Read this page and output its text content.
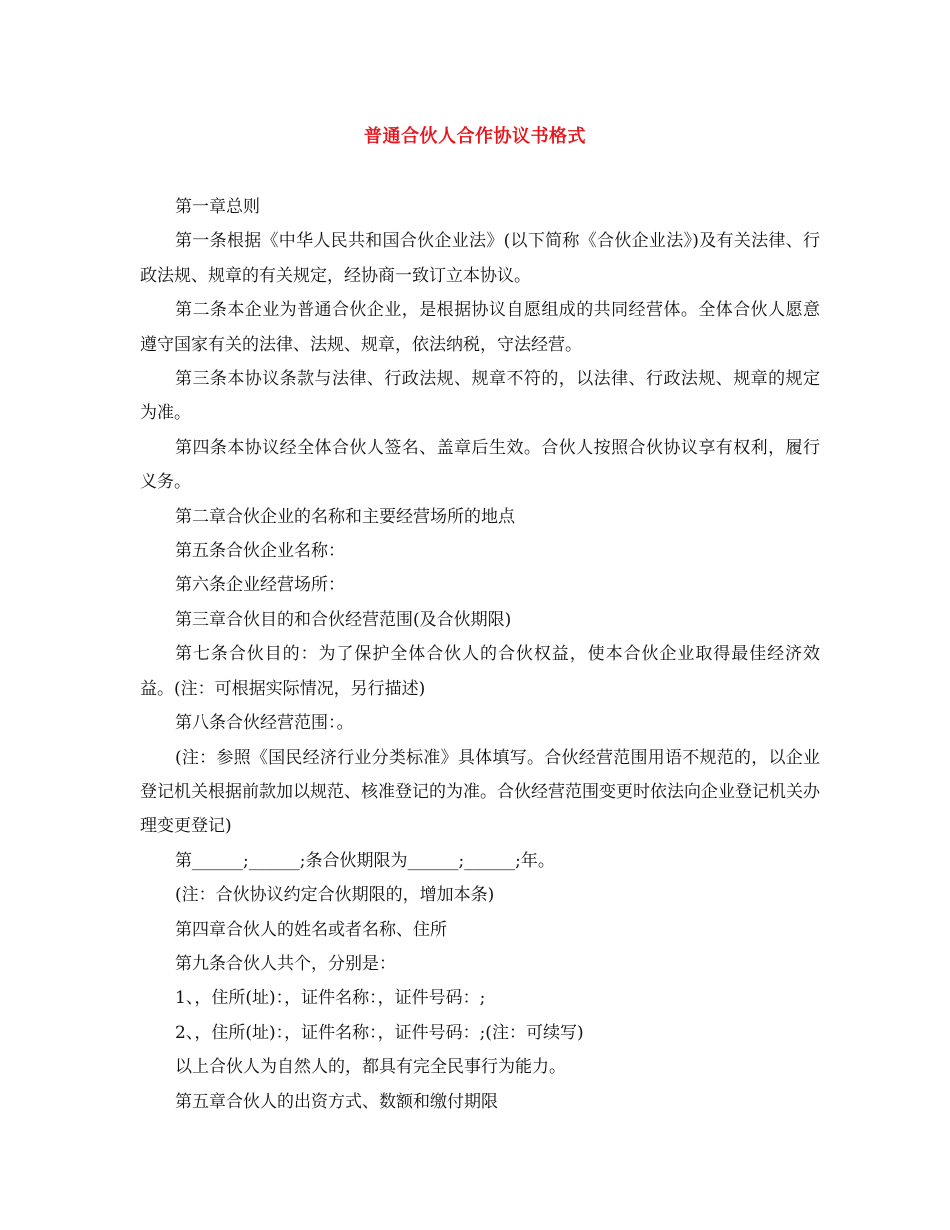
普通合伙人合作协议书格式

第一章总则

第一条根据《中华人民共和国合伙企业法》(以下简称《合伙企业法》)及有关法律、行政法规、规章的有关规定，经协商一致订立本协议。

第二条本企业为普通合伙企业，是根据协议自愿组成的共同经营体。全体合伙人愿意遵守国家有关的法律、法规、规章，依法纳税，守法经营。

第三条本协议条款与法律、行政法规、规章不符的，以法律、行政法规、规章的规定为准。

第四条本协议经全体合伙人签名、盖章后生效。合伙人按照合伙协议享有权利，履行义务。

第二章合伙企业的名称和主要经营场所的地点

第五条合伙企业名称：

第六条企业经营场所：

第三章合伙目的和合伙经营范围(及合伙期限)

第七条合伙目的：为了保护全体合伙人的合伙权益，使本合伙企业取得最佳经济效益。(注：可根据实际情况，另行描述)

第八条合伙经营范围：。

(注：参照《国民经济行业分类标准》具体填写。合伙经营范围用语不规范的，以企业登记机关根据前款加以规范、核准登记的为准。合伙经营范围变更时依法向企业登记机关办理变更登记)

第______;______;条合伙期限为______;______;年。

(注：合伙协议约定合伙期限的，增加本条)

第四章合伙人的姓名或者名称、住所

第九条合伙人共个，分别是：

1、，住所(址)：，证件名称：，证件号码：;

2、，住所(址)：，证件名称：，证件号码：;(注：可续写)

以上合伙人为自然人的，都具有完全民事行为能力。

第五章合伙人的出资方式、数额和缴付期限
